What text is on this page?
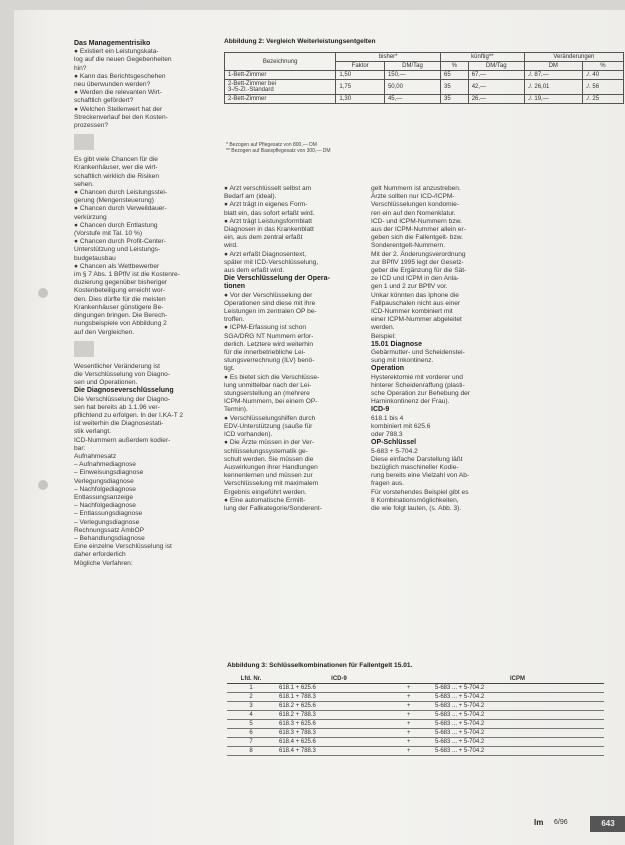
Das Managementrisiko

● Existiert ein Leistungskata-
log auf die neuen Gegebenheiten
hin?

● Kann das Berichtsgeschehen
neu überwunden werden?

● Werden die relevanten Wirt-
schaftlich gefördert?

● Welchen Stellenwert hat der
Streckenverlauf bei den Kosten-
prozessen?

Es gibt viele Chancen für die
Krankenhäuser, wer die wirt-
schaftlich wirklich die Risiken
sehen.

● Chancen durch Leistungsstei-
gerung (Mengensteuerung)

● Chancen durch Verweildauer-
verkürzung

● Chancen durch Entlastung
(Vorstufe mit Tal. 10 %)

● Chancen durch Profit-Center-
Unterstützung und Leistungs-
budgetausbau

● Chancen als Wettbewerber
im § 7 Abs. 1 BPflV ist die Kostenre-
duzierung gegenüber bisheriger
Kostenbeteiligung erreicht wor-
den. Dies dürfte für die meisten
Krankenhäuser günstigere Be-
dingungen bringen. Die Berech-
nungsbeispiele von Abbildung 2
auf den Vergleichen.

Wesentlicher Veränderung ist
die Verschlüsselung von Diagno-
sen und Operationen.

Die Diagnoseverschlüsselung

Die Verschlüsselung der Diagno-
sen hat bereits ab 1.1.96 ver-
pflichtend zu erfolgen. In der I.KA-T 2
ist weiterhin die Diagnosestati-
stik verlangt.

ICD-Nummern außerdem kodier-
bar:

Aufnahmesatz
– Aufnahmediagnose
– Einweisungsdiagnose
Verlegungsdiagnose
– Nachfolgediagnose
Entlassungsanzeige
– Nachfolgediagnose
– Entlassungsdiagnose
– Verlegungsdiagnose
Rechnungssatz AmbOP
– Behandlungsdiagnose
Eine einzelne Verschlüsselung ist
daher erforderlich
Mögliche Verfahren:

Abbildung 2: Vergleich Weiterleistungsentgelten
Bezeichnung	bisher*		künftig**		Veränderungen	
	Faktor	DM/Tag	%	DM/Tag	DM	%
1-Bett-Zimmer	1,50	150,—	65	67,—	./. 87,—	./. 40
2-Bett-Zimmer bei
3-/5-ZI.-Standard	1,75	50,00	35	42,—	./. 26,01	./. 56
2-Bett-Zimmer	1,30	45,—	35	26,—	./. 19,—	./. 25
* Bezogen auf Pflegesatz von 800,— DM
** Bezogen auf Basispflegesatz von 300,— DM

● Arzt verschlüsselt selbst am
Bedarf am (ideal).

● Arzt trägt in eigenes Form-
blatt ein, das sofort erfaßt wird.

● Arzt trägt Leistungsformblatt
Diagnosen in das Krankenblatt
ein, aus dem zentral erfaßt
wird.

● Arzt erfaßt Diagnosentext,
später mit ICD-Verschlüsselung,
aus dem erfaßt wird.

Die Verschlüsselung der Opera-
tionen

● Vor der Verschlüsselung der
Operationen sind diese mit ihre
Leistungen im zentralen OP be-
troffen.

● ICPM-Erfassung ist schon
SGA/DRG NT Nummern erfor-
derlich. Letztere wird weiterhin
für die innerbetriebliche Lei-
stungsverrechnung (ILV) benö-
tigt.

● Es bietet sich die Verschlüsse-
lung unmittelbar nach der Lei-
stungserstellung an (mehrere
ICPM-Nummern, bei einem OP-
Termin).

● Verschlüsselungshilfen durch
EDV-Unterstützung (sauße für
ICD vorhanden).

● Die Ärzte müssen in der Ver-
schlüsselungssystematik ge-
schult werden. Sie müssen die
Auswirkungen ihrer Handlungen
kennenlernen und müssen zur
Verschlüsselung mit maximalem
Ergebnis eingeführt werden.

● Eine automatische Ermitt-
lung der Fallkategorie/Sonderent-

gelt Nummern ist anzustreben.
Ärzte sollten nur ICD-/ICPM-
Verschlüsselungen kondomie-
ren ein auf den Nomenklatur.
ICD- und ICPM-Nummern bzw.
aus der ICPM-Nummer allein er-
geben sich die Fallentgelt- bzw.
Sonderentgelt-Nummern.

Mit der 2. Änderungsverordnung
zur BPflV 1995 legt der Gesetz-
geber die Ergänzung für die Sät-
ze ICD und ICPM in den Anla-
gen 1 und 2 zur BPflV vor.
Unkar könnten das Iphone die
Fallpauschalen nicht aus einer
ICD-Nummer kombiniert mit
einer ICPM-Nummer abgeleitet
werden.

Beispiel:

15.01 Diagnose

Gebärmutter- und Scheidenstei-
sung mit Inkontinenz.

Operation

Hysterektomie mit vorderer und
hinterer Scheidenraffung (plasti-
sche Operation zur Behebung der
Harninkontinenz der Frau).

ICD-9

618.1 bis 4
kombiniert mit 625.6
oder 788.3

OP-Schlüssel

5-683 + 5-704.2
Diese einfache Darstellung läßt
bezüglich maschineller Kodie-
rung bereits eine Vielzahl von Ab-
fragen aus.

Für vorstehendes Beispiel gibt es
8 Kombinationsmöglichkeiten,
die wie folgt lauten, (s. Abb. 3).

Abbildung 3: Schlüsselkombinationen für Fallentgelt 15.01.
Lfd. Nr.	ICD-9		ICPM
1	618.1 + 625.6	+	5-683 ... + 5-704.2
2	618.1 + 788.3	+	5-683 ... + 5-704.2
3	618.2 + 625.6	+	5-683 ... + 5-704.2
4	618.2 + 788.3	+	5-683 ... + 5-704.2
5	618.3 + 625.6	+	5-683 ... + 5-704.2
6	618.3 + 788.3	+	5-683 ... + 5-704.2
7	618.4 + 625.6	+	5-683 ... + 5-704.2
8	618.4 + 788.3	+	5-683 ... + 5-704.2
lm 6/96	643
